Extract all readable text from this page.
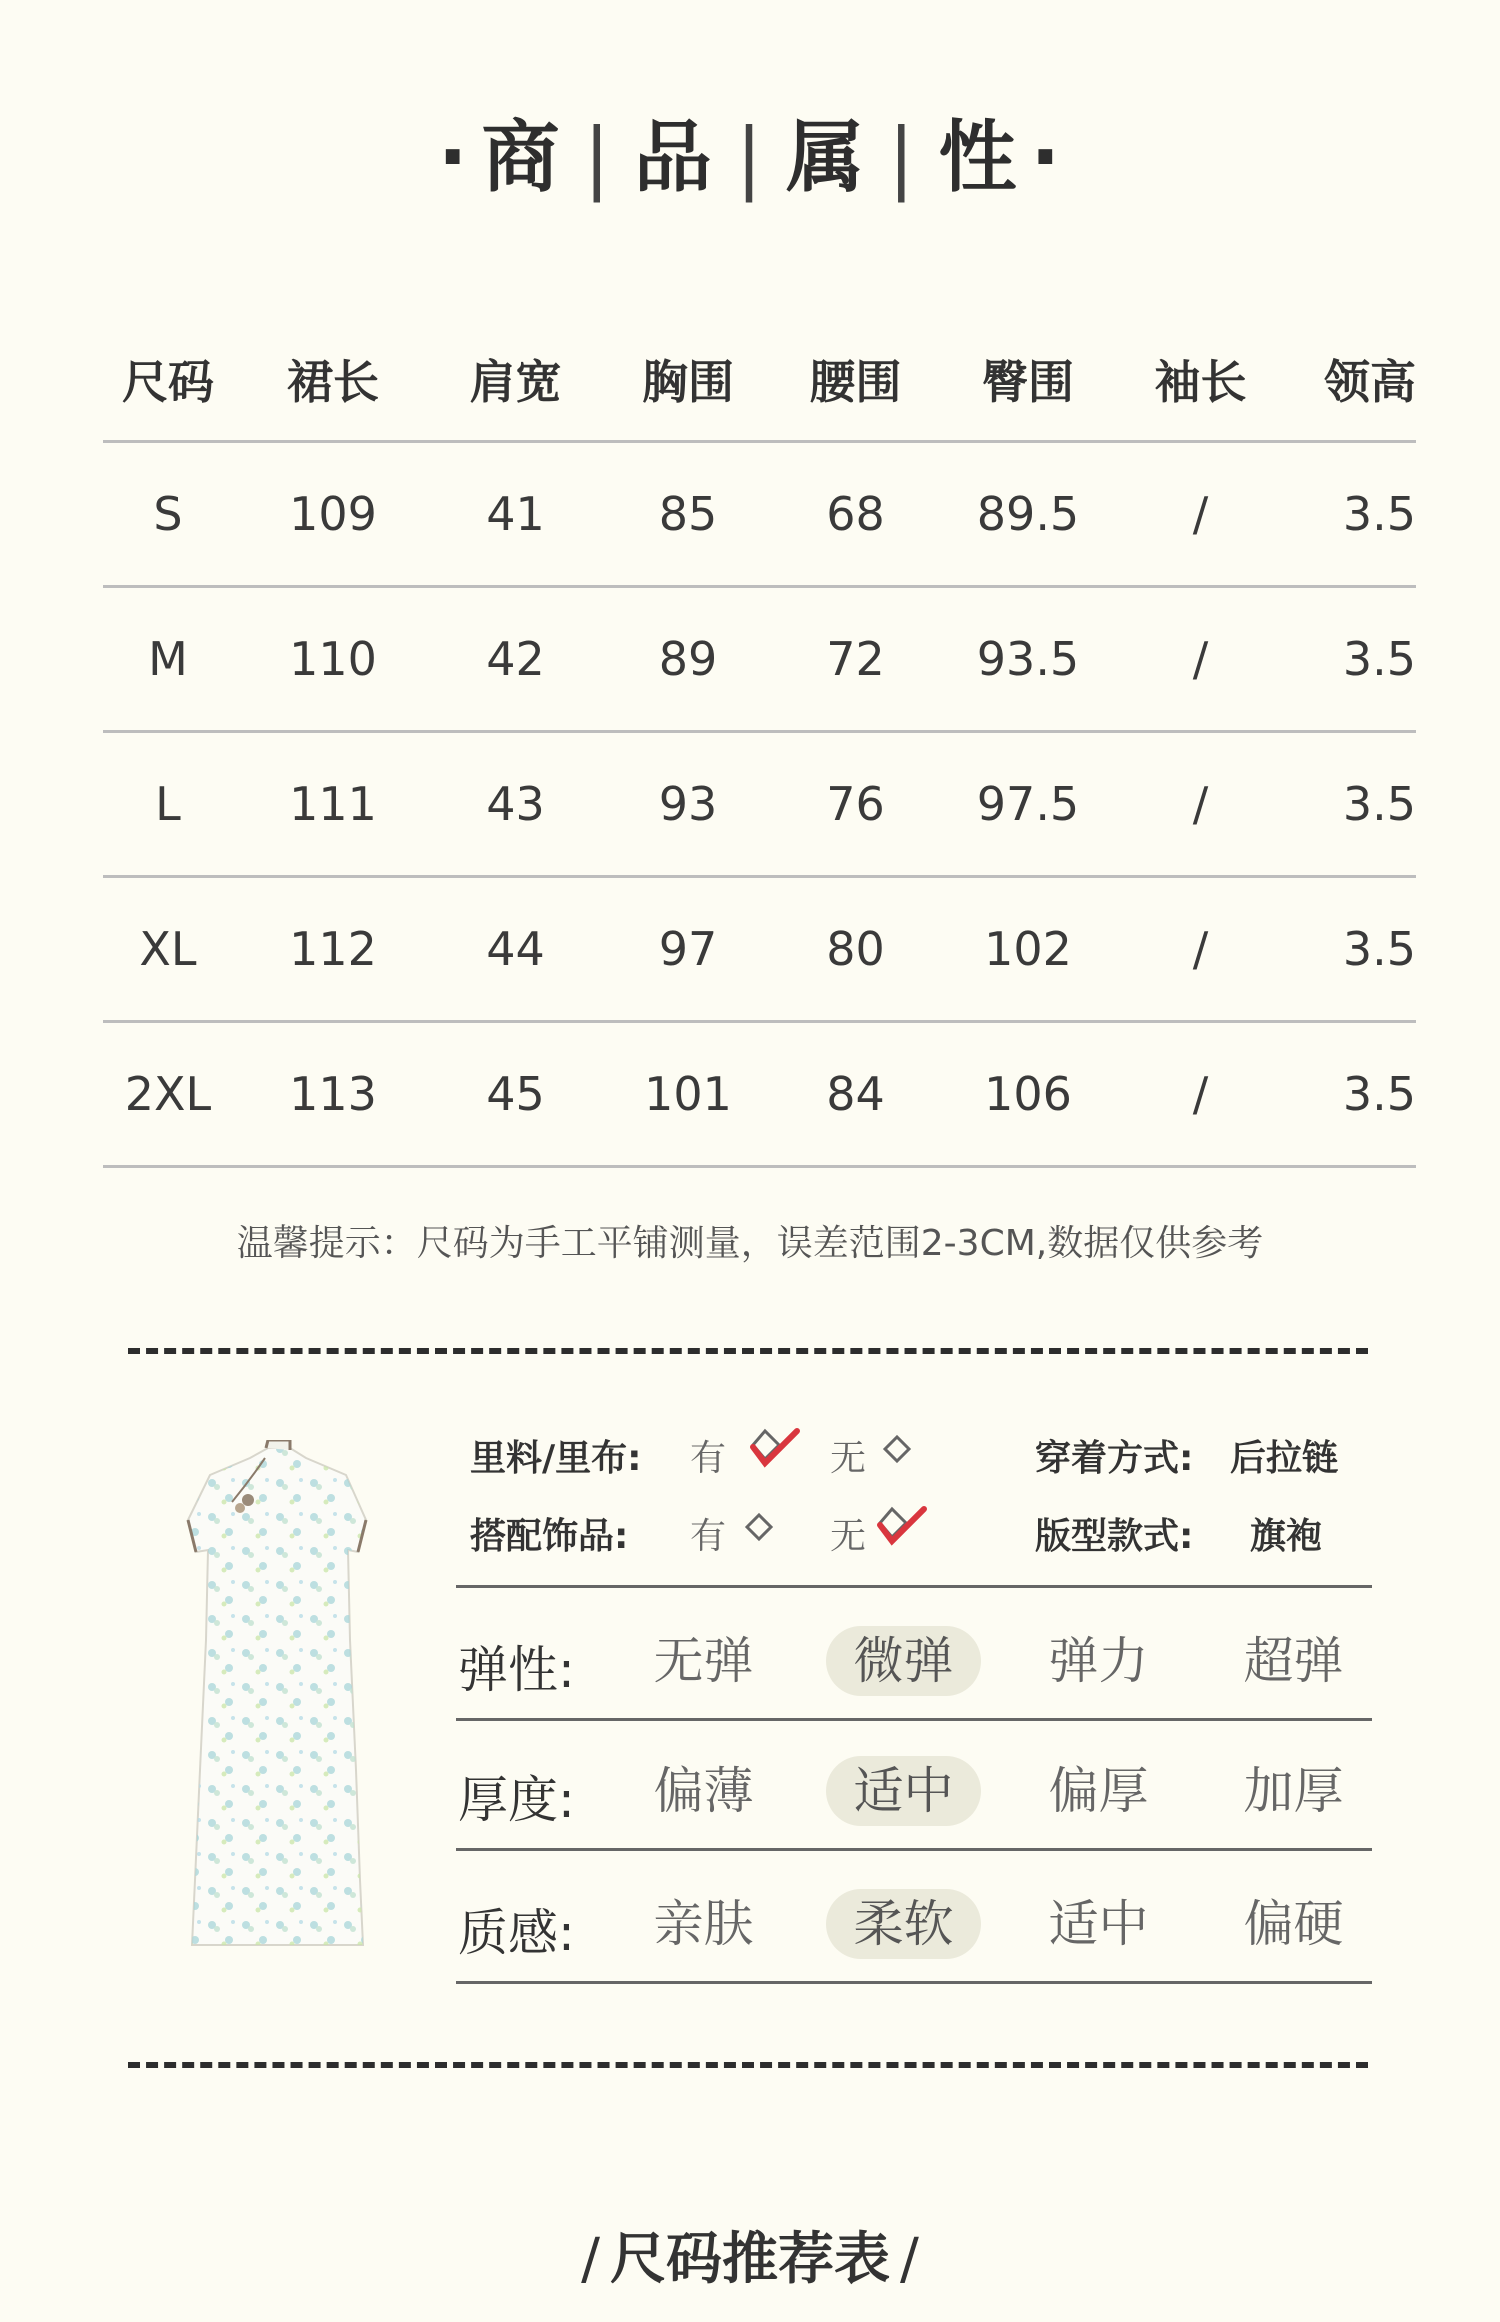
· 商 | 品 | 属 | 性 ·
尺码	裙长	肩宽	胸围	腰围	臀围	袖长	领高
S	109	41	85	68	89.5	/	3.5
M	110	42	89	72	93.5	/	3.5
L	111	43	93	76	97.5	/	3.5
XL	112	44	97	80	102	/	3.5
2XL	113	45	101	84	106	/	3.5
温馨提示：尺码为手工平铺测量，误差范围2-3CM,数据仅供参考
里料/里布: 有	无	穿着方式: 后拉链
搭配饰品: 有	无	版型款式: 旗袍
弹性:	无弹	微弹	弹力	超弹
厚度:	偏薄	适中	偏厚	加厚
质感:	亲肤	柔软	适中	偏硬
/ 尺码推荐表 /
